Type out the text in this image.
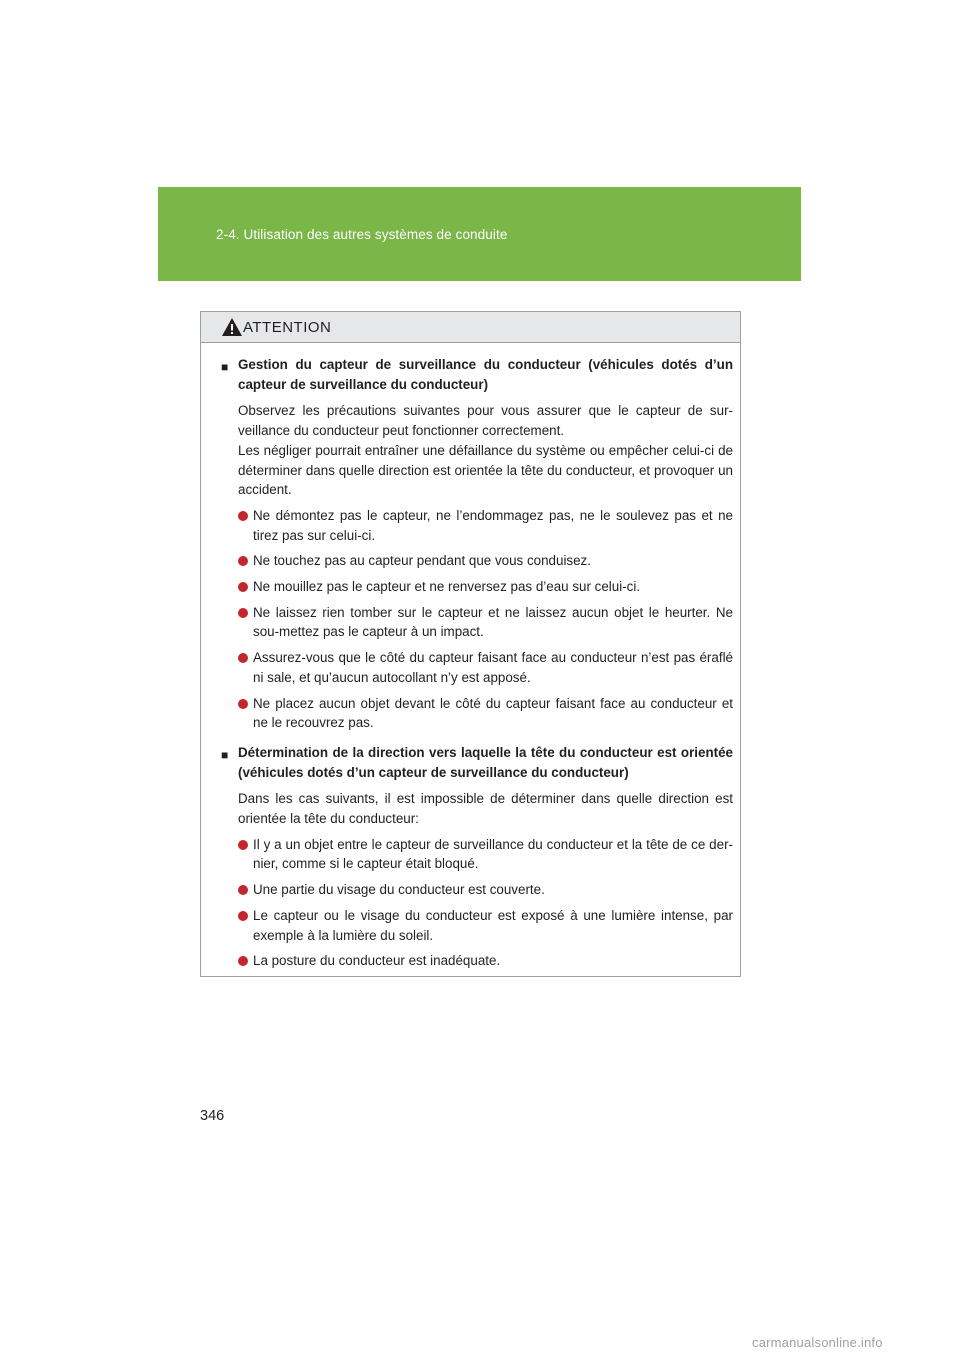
2-4. Utilisation des autres systèmes de conduite
ATTENTION
■ Gestion du capteur de surveillance du conducteur (véhicules dotés d’un capteur de surveillance du conducteur)

Observez les précautions suivantes pour vous assurer que le capteur de sur-veillance du conducteur peut fonctionner correctement.

Les négliger pourrait entraîner une défaillance du système ou empêcher celui-ci de déterminer dans quelle direction est orientée la tête du conducteur, et provoquer un accident.

Ne démontez pas le capteur, ne l’endommagez pas, ne le soulevez pas et ne tirez pas sur celui-ci.
Ne touchez pas au capteur pendant que vous conduisez.
Ne mouillez pas le capteur et ne renversez pas d’eau sur celui-ci.
Ne laissez rien tomber sur le capteur et ne laissez aucun objet le heurter. Ne sou-mettez pas le capteur à un impact.
Assurez-vous que le côté du capteur faisant face au conducteur n’est pas éraflé ni sale, et qu’aucun autocollant n’y est apposé.
Ne placez aucun objet devant le côté du capteur faisant face au conducteur et ne le recouvrez pas.
■ Détermination de la direction vers laquelle la tête du conducteur est orientée (véhicules dotés d’un capteur de surveillance du conducteur)

Dans les cas suivants, il est impossible de déterminer dans quelle direction est orientée la tête du conducteur:

Il y a un objet entre le capteur de surveillance du conducteur et la tête de ce der-nier, comme si le capteur était bloqué.
Une partie du visage du conducteur est couverte.
Le capteur ou le visage du conducteur est exposé à une lumière intense, par exemple à la lumière du soleil.
La posture du conducteur est inadéquate.
346
carmanualsonline.info
